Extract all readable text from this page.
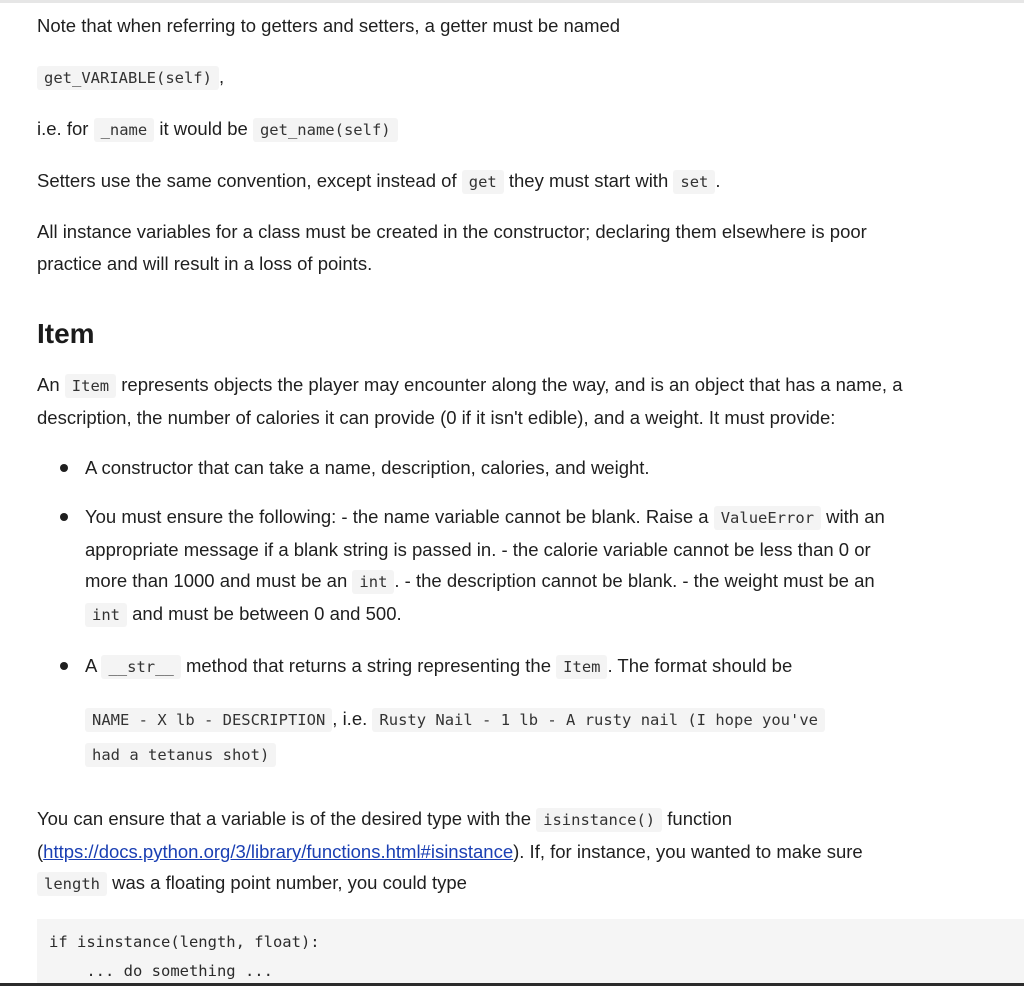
Note that when referring to getters and setters, a getter must be named
get_VARIABLE(self) ,
i.e. for _name it would be get_name(self)
Setters use the same convention, except instead of get they must start with set .
All instance variables for a class must be created in the constructor; declaring them elsewhere is poor
practice and will result in a loss of points.
Item
An Item represents objects the player may encounter along the way, and is an object that has a name, a
description, the number of calories it can provide (0 if it isn't edible), and a weight. It must provide:
A constructor that can take a name, description, calories, and weight.
You must ensure the following: - the name variable cannot be blank. Raise a ValueError with an
appropriate message if a blank string is passed in. - the calorie variable cannot be less than 0 or
more than 1000 and must be an int . - the description cannot be blank. - the weight must be an
int and must be between 0 and 500.
A __str__ method that returns a string representing the Item . The format should be
NAME - X lb - DESCRIPTION , i.e. Rusty Nail - 1 lb - A rusty nail (I hope you've
had a tetanus shot)
You can ensure that a variable is of the desired type with the isinstance() function
(https://docs.python.org/3/library/functions.html#isinstance). If, for instance, you wanted to make sure
length was a floating point number, you could type
if isinstance(length, float):
... do something ...
